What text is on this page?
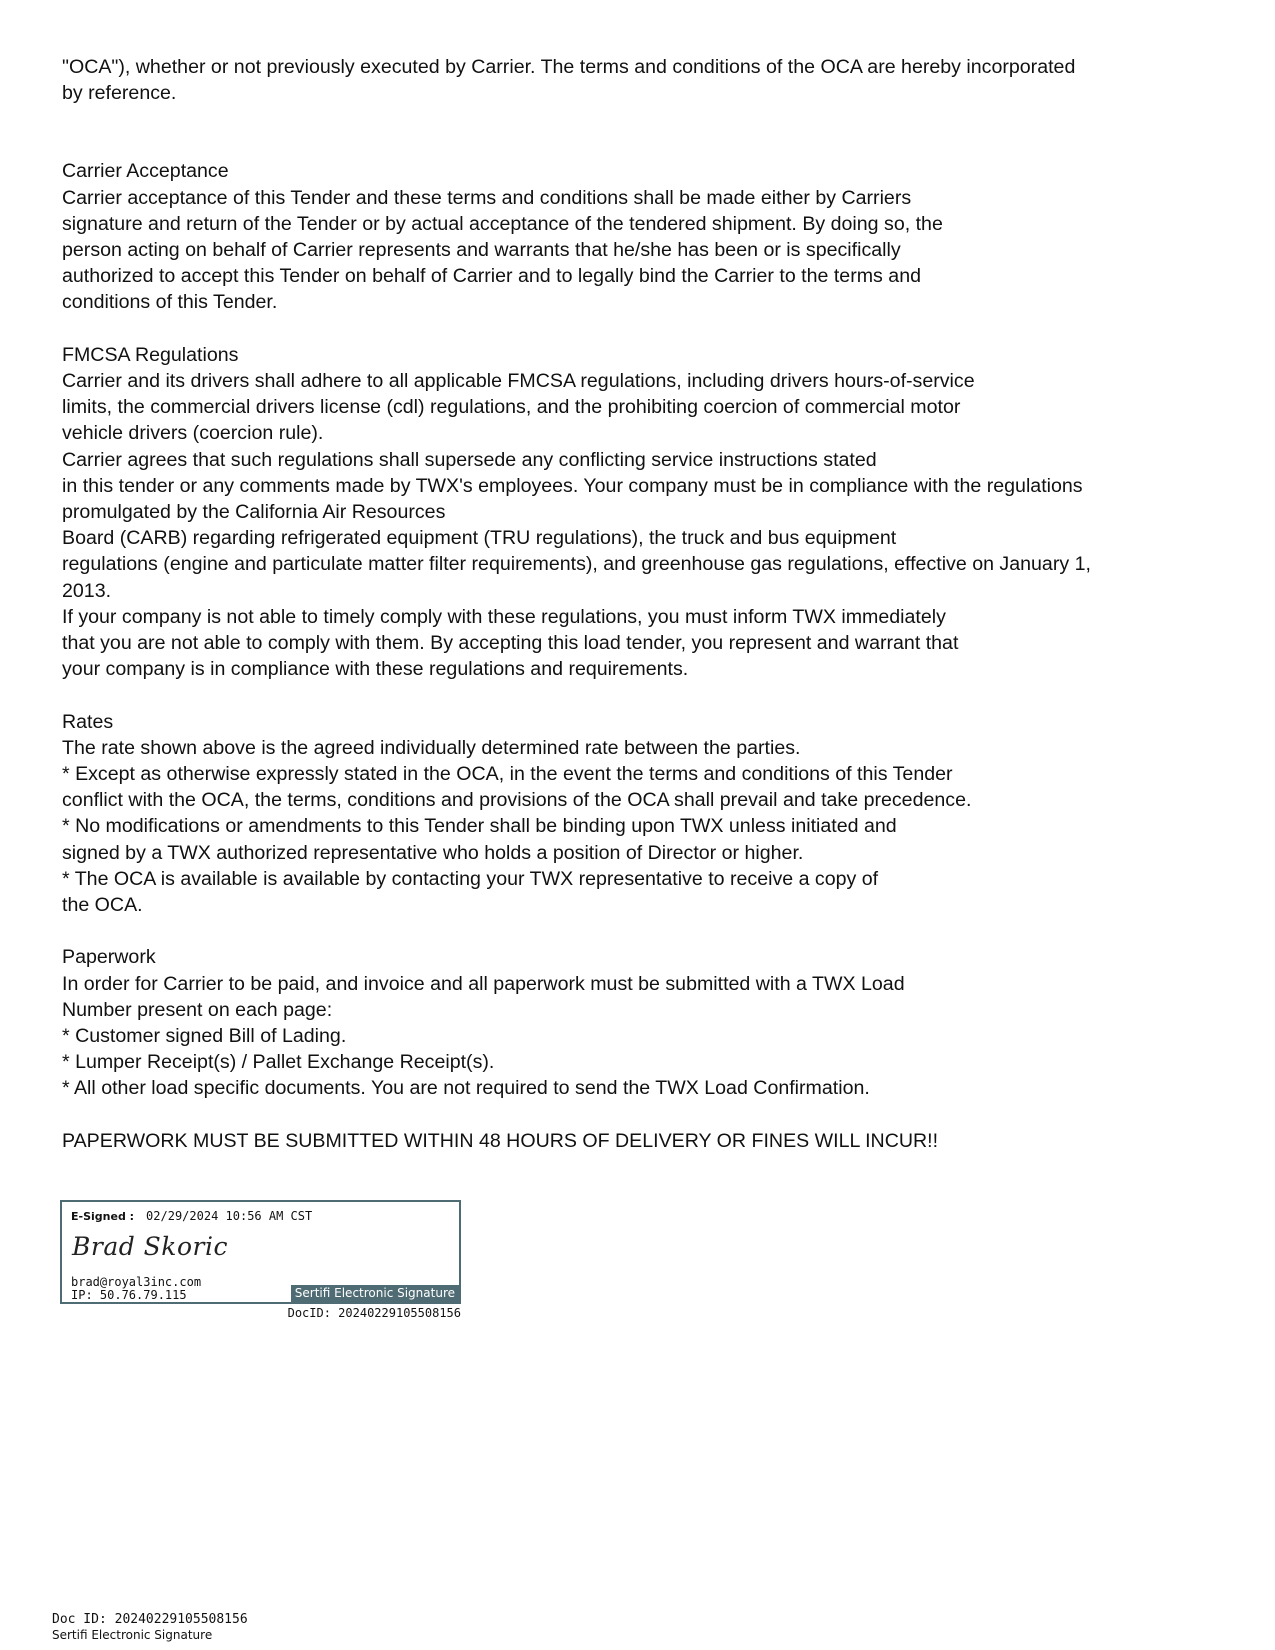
"OCA"), whether or not previously executed by Carrier. The terms and conditions of the OCA are hereby incorporated
by reference.
Carrier Acceptance
Carrier acceptance of this Tender and these terms and conditions shall be made either by Carriers
signature and return of the Tender or by actual acceptance of the tendered shipment. By doing so, the
person acting on behalf of Carrier represents and warrants that he/she has been or is specifically
authorized to accept this Tender on behalf of Carrier and to legally bind the Carrier to the terms and
conditions of this Tender.
FMCSA Regulations
Carrier and its drivers shall adhere to all applicable FMCSA regulations, including drivers hours-of-service
limits, the commercial drivers license (cdl) regulations, and the prohibiting coercion of commercial motor
vehicle drivers (coercion rule).
Carrier agrees that such regulations shall supersede any conflicting service instructions stated
in this tender or any comments made by TWX's employees. Your company must be in compliance with the regulations
promulgated by the California Air Resources
Board (CARB) regarding refrigerated equipment (TRU regulations), the truck and bus equipment
regulations (engine and particulate matter filter requirements), and greenhouse gas regulations, effective on January 1,
2013.
If your company is not able to timely comply with these regulations, you must inform TWX immediately
that you are not able to comply with them. By accepting this load tender, you represent and warrant that
your company is in compliance with these regulations and requirements.
Rates
The rate shown above is the agreed individually determined rate between the parties.
* Except as otherwise expressly stated in the OCA, in the event the terms and conditions of this Tender
conflict with the OCA, the terms, conditions and provisions of the OCA shall prevail and take precedence.
* No modifications or amendments to this Tender shall be binding upon TWX unless initiated and
signed by a TWX authorized representative who holds a position of Director or higher.
* The OCA is available is available by contacting your TWX representative to receive a copy of
the OCA.
Paperwork
In order for Carrier to be paid, and invoice and all paperwork must be submitted with a TWX Load
Number present on each page:
* Customer signed Bill of Lading.
* Lumper Receipt(s) / Pallet Exchange Receipt(s).
* All other load specific documents. You are not required to send the TWX Load Confirmation.
PAPERWORK MUST BE SUBMITTED WITHIN 48 HOURS OF DELIVERY OR FINES WILL INCUR!!
E-Signed : 02/29/2024 10:56 AM CST
Brad Skoric
brad@royal3inc.com
IP: 50.76.79.115	Sertifi Electronic Signature
DocID: 20240229105508156
Doc ID: 20240229105508156
Sertifi Electronic Signature
